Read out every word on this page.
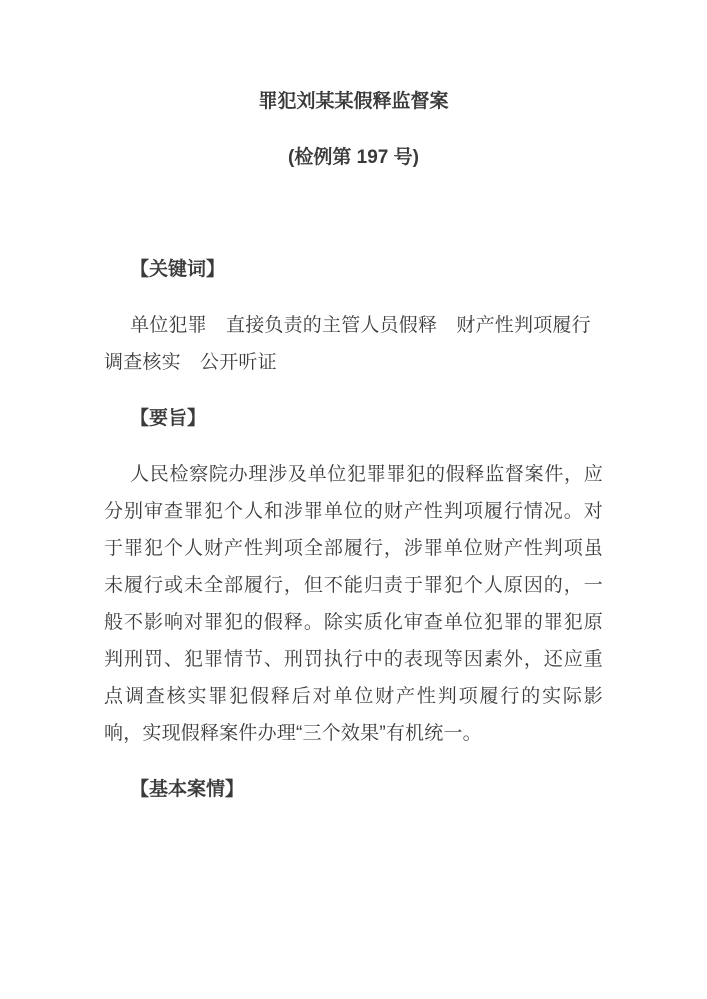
罪犯刘某某假释监督案
(检例第 197 号)
【关键词】

单位犯罪　直接负责的主管人员假释　财产性判项履行　调查核实　公开听证

【要旨】

人民检察院办理涉及单位犯罪罪犯的假释监督案件，应分别审查罪犯个人和涉罪单位的财产性判项履行情况。对于罪犯个人财产性判项全部履行，涉罪单位财产性判项虽未履行或未全部履行，但不能归责于罪犯个人原因的，一般不影响对罪犯的假释。除实质化审查单位犯罪的罪犯原判刑罚、犯罪情节、刑罚执行中的表现等因素外，还应重点调查核实罪犯假释后对单位财产性判项履行的实际影响，实现假释案件办理“三个效果”有机统一。

【基本案情】
